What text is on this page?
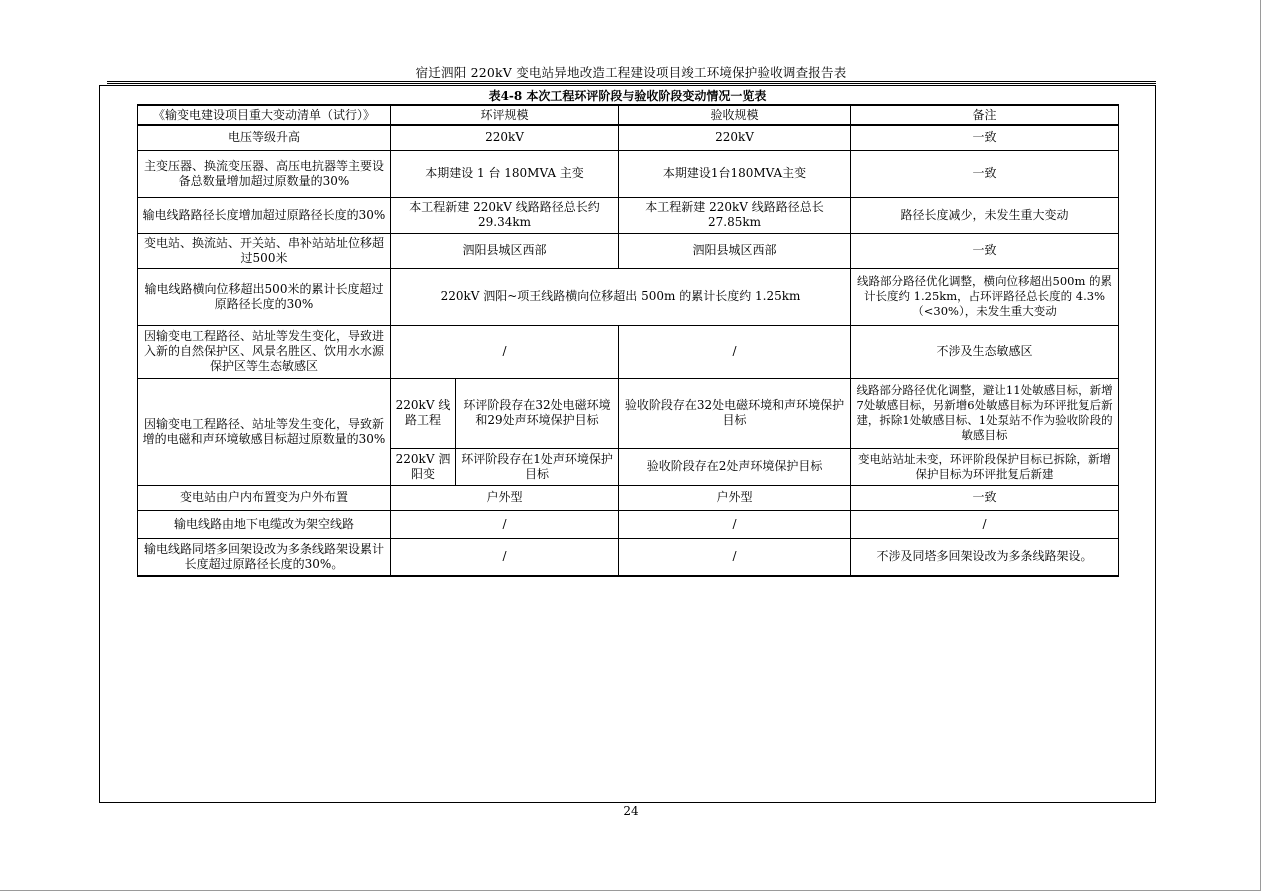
宿迁泗阳 220kV 变电站异地改造工程建设项目竣工环境保护验收调查报告表
表4-8 本次工程环评阶段与验收阶段变动情况一览表
《输变电建设项目重大变动清单（试行）》	环评规模		验收规模	备注
电压等级升高	220kV		220kV	一致
主变压器、换流变压器、高压电抗器等主要设备总数量增加超过原数量的30%	本期建设 1 台 180MVA 主变		本期建设1台180MVA主变	一致
输电线路路径长度增加超过原路径长度的30%	本工程新建 220kV 线路路径总长约 29.34km		本工程新建 220kV 线路路径总长 27.85km	路径长度减少，未发生重大变动
变电站、换流站、开关站、串补站站址位移超过500米	泗阳县城区西部		泗阳县城区西部	一致
输电线路横向位移超出500米的累计长度超过原路径长度的30%	220kV 泗阳~项王线路横向位移超出 500m 的累计长度约 1.25km			线路部分路径优化调整，横向位移超出500m 的累计长度约 1.25km，占环评路径总长度的 4.3%（<30%），未发生重大变动
因输变电工程路径、站址等发生变化，导致进入新的自然保护区、风景名胜区、饮用水水源保护区等生态敏感区	/		/	不涉及生态敏感区
因输变电工程路径、站址等发生变化，导致新增的电磁和声环境敏感目标超过原数量的30%	220kV 线路工程	环评阶段存在32处电磁环境和29处声环境保护目标	验收阶段存在32处电磁环境和声环境保护目标	线路部分路径优化调整，避让11处敏感目标，新增7处敏感目标，另新增6处敏感目标为环评批复后新建，拆除1处敏感目标、1处泵站不作为验收阶段的敏感目标
	220kV 泗阳变	环评阶段存在1处声环境保护目标	验收阶段存在2处声环境保护目标	变电站站址未变，环评阶段保护目标已拆除，新增保护目标为环评批复后新建
变电站由户内布置变为户外布置	户外型		户外型	一致
输电线路由地下电缆改为架空线路	/		/	/
输电线路同塔多回架设改为多条线路架设累计长度超过原路径长度的30%。	/		/	不涉及同塔多回架设改为多条线路架设。
24
